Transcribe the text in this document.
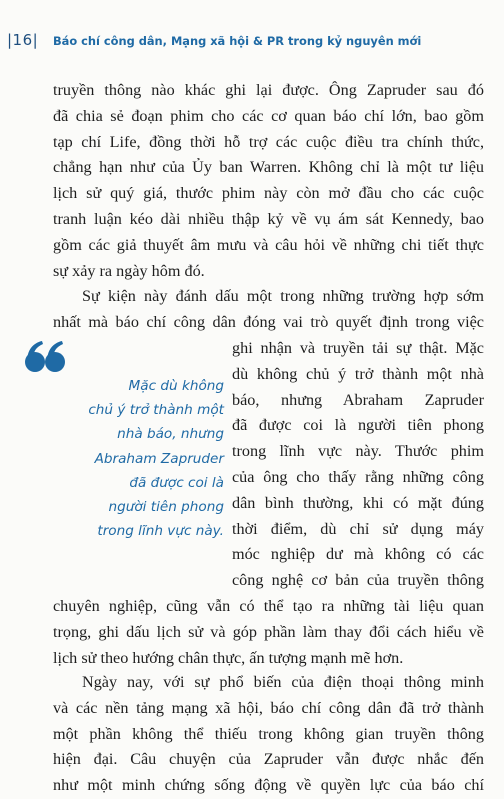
|16| Báo chí công dân, Mạng xã hội & PR trong kỷ nguyên mới
truyền thông nào khác ghi lại được. Ông Zapruder sau đó
đã chia sẻ đoạn phim cho các cơ quan báo chí lớn, bao gồm
tạp chí Life, đồng thời hỗ trợ các cuộc điều tra chính thức,
chẳng hạn như của Ủy ban Warren. Không chỉ là một tư liệu
lịch sử quý giá, thước phim này còn mở đầu cho các cuộc
tranh luận kéo dài nhiều thập kỷ về vụ ám sát Kennedy, bao
gồm các giả thuyết âm mưu và câu hỏi về những chi tiết thực
sự xảy ra ngày hôm đó.
Sự kiện này đánh dấu một trong những trường hợp sớm
nhất mà báo chí công dân đóng vai trò quyết định trong việc
Mặc dù không
chủ ý trở thành một
nhà báo, nhưng
Abraham Zapruder
đã được coi là
người tiên phong
trong lĩnh vực này.
ghi nhận và truyền tải sự thật. Mặc
dù không chủ ý trở thành một nhà
báo, nhưng Abraham Zapruder
đã được coi là người tiên phong
trong lĩnh vực này. Thước phim
của ông cho thấy rằng những công
dân bình thường, khi có mặt đúng
thời điểm, dù chỉ sử dụng máy
móc nghiệp dư mà không có các
công nghệ cơ bản của truyền thông
chuyên nghiệp, cũng vẫn có thể tạo ra những tài liệu quan
trọng, ghi dấu lịch sử và góp phần làm thay đổi cách hiểu về
lịch sử theo hướng chân thực, ấn tượng mạnh mẽ hơn.
Ngày nay, với sự phổ biến của điện thoại thông minh
và các nền tảng mạng xã hội, báo chí công dân đã trở thành
một phần không thể thiếu trong không gian truyền thông
hiện đại. Câu chuyện của Zapruder vẫn được nhắc đến
như một minh chứng sống động về quyền lực của báo chí
